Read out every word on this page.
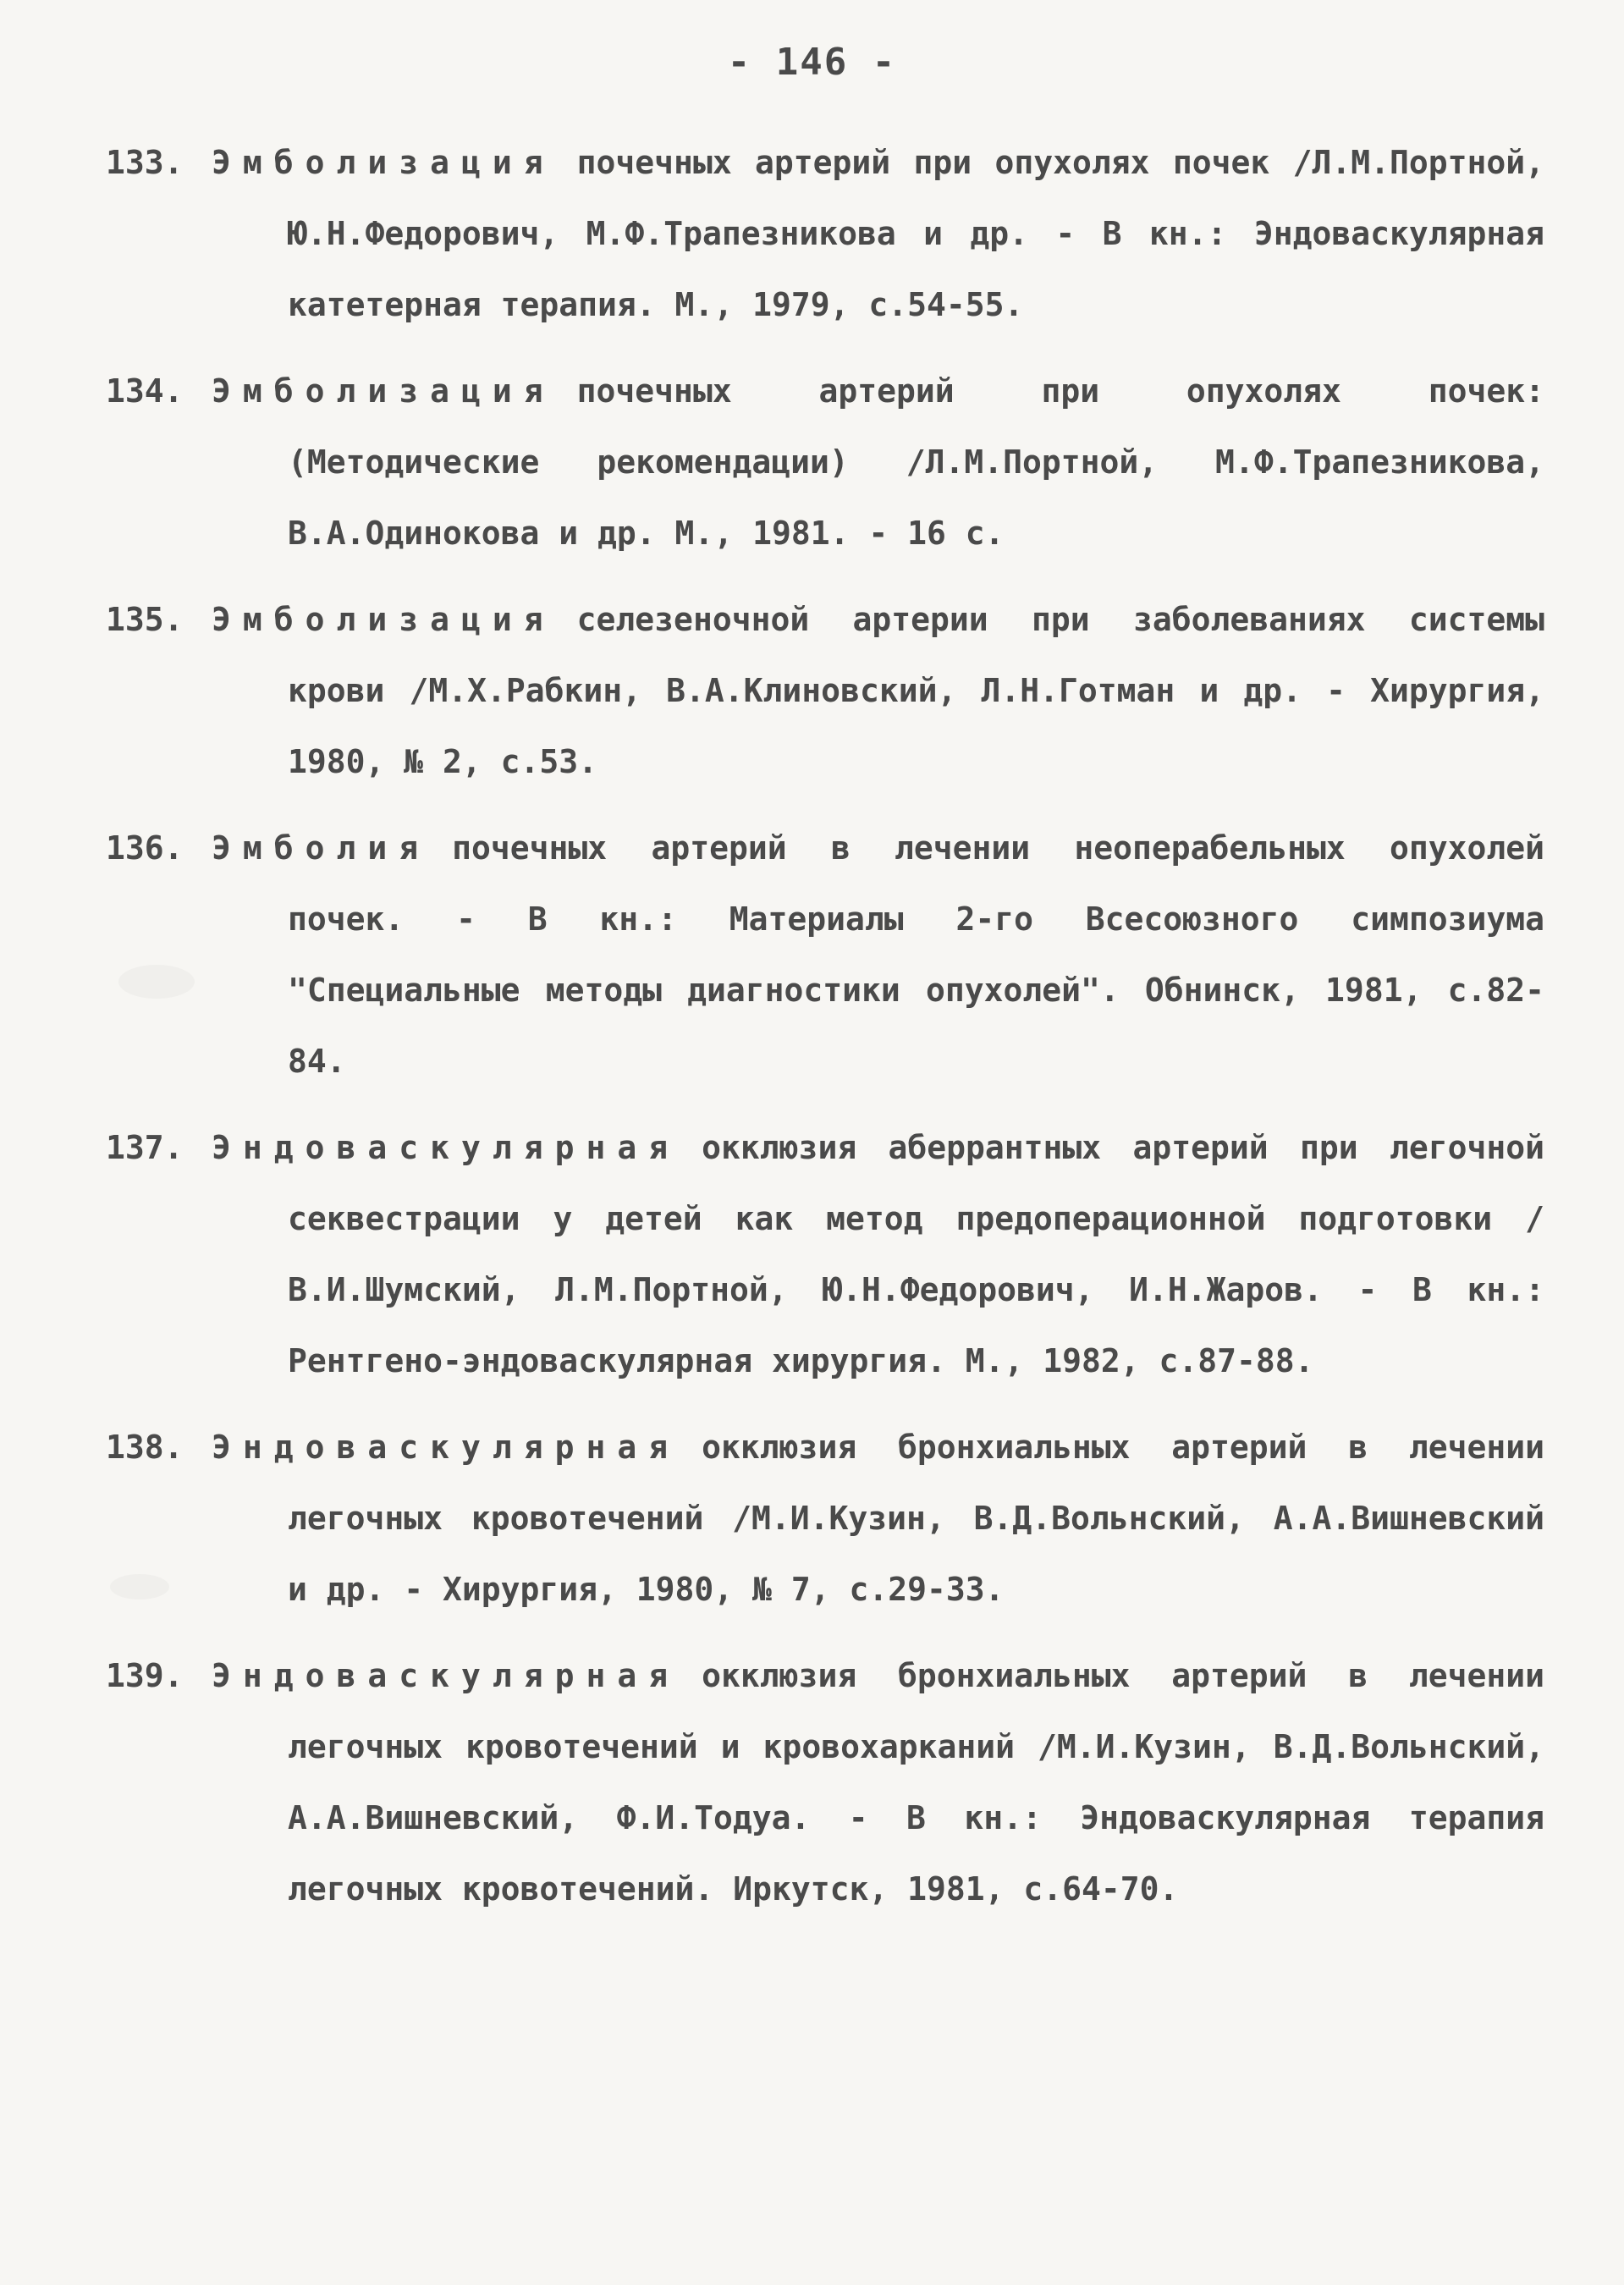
- 146 -
133. Эмболизация почечных артерий при опухолях почек /Л.М.Портной, Ю.Н.Федорович, М.Ф.Трапезникова и др. - В кн.: Эндоваскулярная катетерная терапия. М., 1979, с.54-55.
134. Эмболизация почечных артерий при опухолях почек: (Методические рекомендации) /Л.М.Портной, М.Ф.Трапезникова, В.А.Одинокова и др. М., 1981. - 16 с.
135. Эмболизация селезеночной артерии при заболеваниях системы крови /М.Х.Рабкин, В.А.Клиновский, Л.Н.Готман и др. - Хирургия, 1980, № 2, с.53.
136. Эмболия почечных артерий в лечении неоперабельных опухолей почек. - В кн.: Материалы 2-го Всесоюзного симпозиума "Специальные методы диагностики опухолей". Обнинск, 1981, с.82-84.
137. Эндоваскулярная окклюзия аберрантных артерий при легочной секвестрации у детей как метод предоперационной подготовки /В.И.Шумский, Л.М.Портной, Ю.Н.Федорович, И.Н.Жаров. - В кн.: Рентгено-эндоваскулярная хирургия. М., 1982, с.87-88.
138. Эндоваскулярная окклюзия бронхиальных артерий в лечении легочных кровотечений /М.И.Кузин, В.Д.Вольнский, А.А.Вишневский и др. - Хирургия, 1980, № 7, с.29-33.
139. Эндоваскулярная окклюзия бронхиальных артерий в лечении легочных кровотечений и кровохарканий /М.И.Кузин, В.Д.Вольнский, А.А.Вишневский, Ф.И.Тодуа. - В кн.: Эндоваскулярная терапия легочных кровотечений. Иркутск, 1981, с.64-70.
